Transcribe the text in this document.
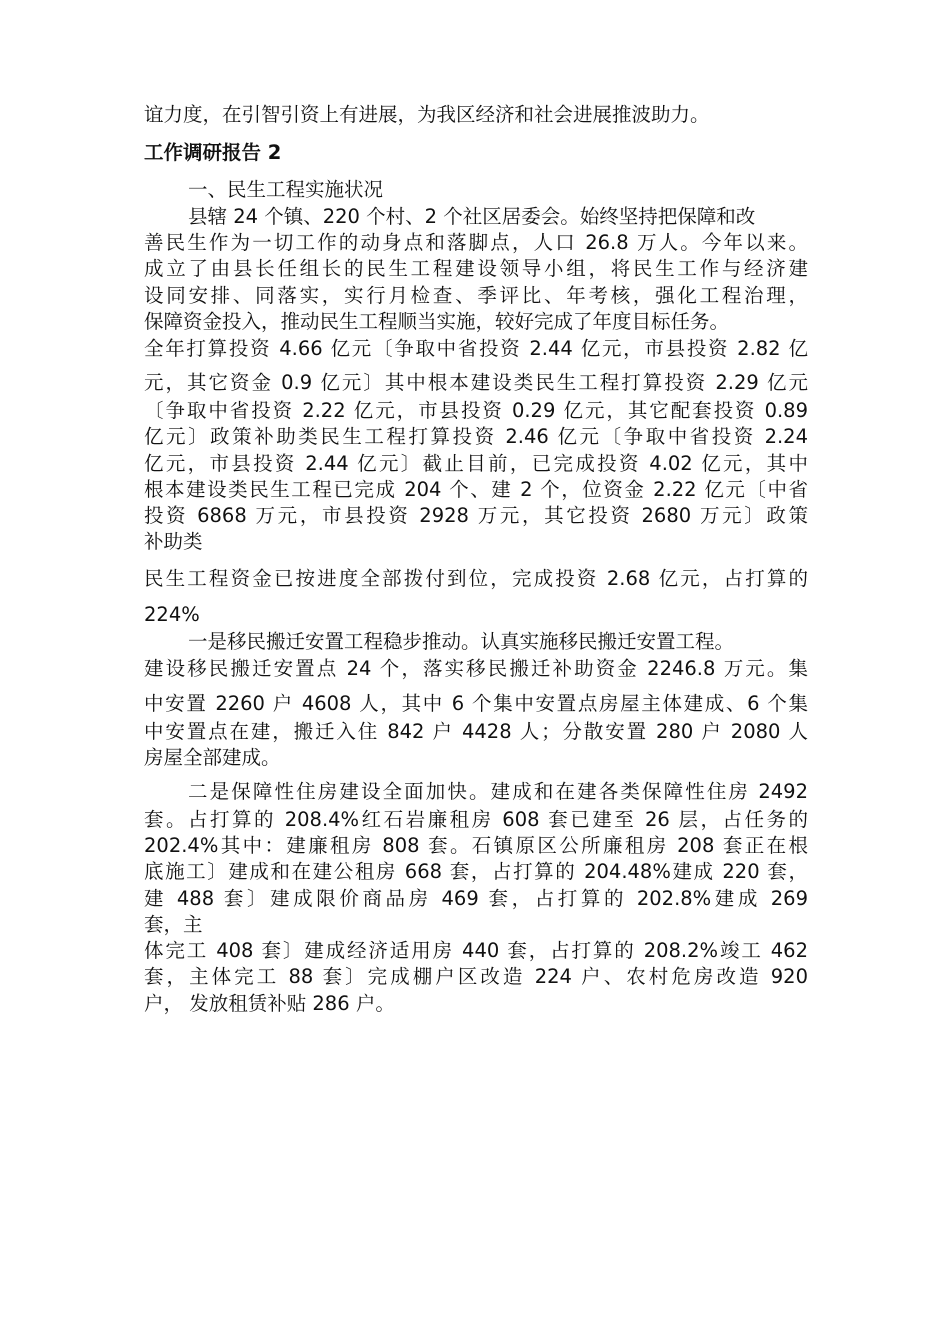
谊力度，在引智引资上有进展，为我区经济和社会进展推波助力。
工作调研报告 2
一、民生工程实施状况
县辖 24 个镇、220 个村、2 个社区居委会。始终坚持把保障和改
善民生作为一切工作的动身点和落脚点，人口 26.8 万人。今年以来。
成立了由县长任组长的民生工程建设领导小组，将民生工作与经济建
设同安排、同落实，实行月检查、季评比、年考核，强化工程治理，
保障资金投入，推动民生工程顺当实施，较好完成了年度目标任务。
全年打算投资 4.66 亿元〔争取中省投资 2.44 亿元，市县投资 2.82 亿
元，其它资金 0.9 亿元〕其中根本建设类民生工程打算投资 2.29 亿元
〔争取中省投资 2.22 亿元，市县投资 0.29 亿元，其它配套投资 0.89
亿元〕政策补助类民生工程打算投资 2.46 亿元〔争取中省投资 2.24
亿元，市县投资 2.44 亿元〕截止目前，已完成投资 4.02 亿元，其中
根本建设类民生工程已完成 204 个、建 2 个，位资金 2.22 亿元〔中省
投资 6868 万元，市县投资 2928 万元，其它投资 2680 万元〕政策
补助类
民生工程资金已按进度全部拨付到位，完成投资 2.68 亿元，占打算的
224%
一是移民搬迁安置工程稳步推动。认真实施移民搬迁安置工程。
建设移民搬迁安置点 24 个，落实移民搬迁补助资金 2246.8 万元。集
中安置 2260 户 4608 人，其中 6 个集中安置点房屋主体建成、6 个集
中安置点在建，搬迁入住 842 户 4428 人；分散安置 280 户 2080 人
房屋全部建成。
二是保障性住房建设全面加快。建成和在建各类保障性住房 2492
套。占打算的 208.4%红石岩廉租房 608 套已建至 26 层，占任务的
202.4%其中：建廉租房 808 套。石镇原区公所廉租房 208 套正在根
底施工〕建成和在建公租房 668 套，占打算的 204.48%建成 220 套，
建 488 套〕建成限价商品房 469 套，占打算的 202.8%建成 269
套，主
体完工 408 套〕建成经济适用房 440 套，占打算的 208.2%竣工 462
套，主体完工 88 套〕完成棚户区改造 224 户、农村危房改造 920
户， 发放租赁补贴 286 户。
